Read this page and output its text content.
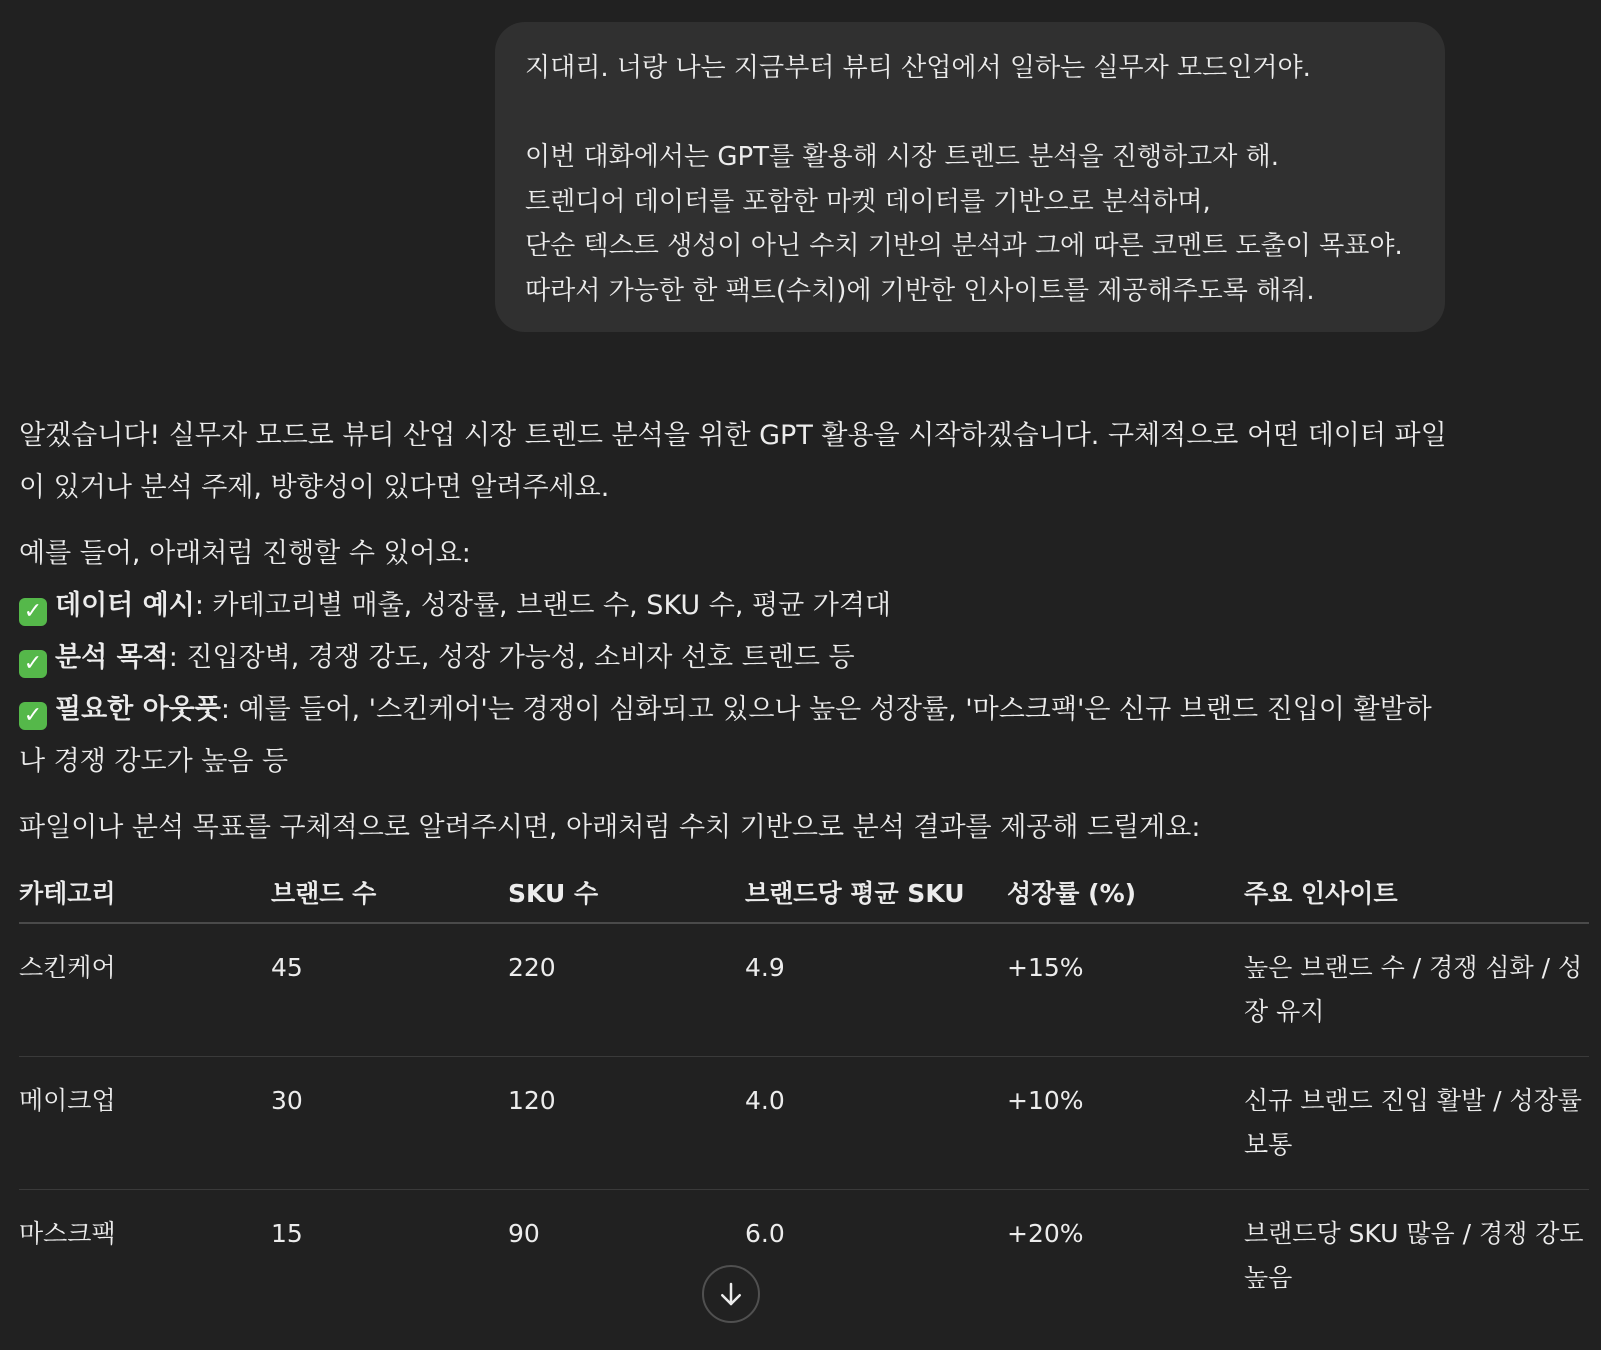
지대리. 너랑 나는 지금부터 뷰티 산업에서 일하는 실무자 모드인거야.

이번 대화에서는 GPT를 활용해 시장 트렌드 분석을 진행하고자 해.
트렌디어 데이터를 포함한 마켓 데이터를 기반으로 분석하며,
단순 텍스트 생성이 아닌 수치 기반의 분석과 그에 따른 코멘트 도출이 목표야.
따라서 가능한 한 팩트(수치)에 기반한 인사이트를 제공해주도록 해줘.

알겠습니다! 실무자 모드로 뷰티 산업 시장 트렌드 분석을 위한 GPT 활용을 시작하겠습니다. 구체적으로 어떤 데이터 파일이 있거나 분석 주제, 방향성이 있다면 알려주세요.

예를 들어, 아래처럼 진행할 수 있어요:

✓ 데이터 예시: 카테고리별 매출, 성장률, 브랜드 수, SKU 수, 평균 가격대

✓ 분석 목적: 진입장벽, 경쟁 강도, 성장 가능성, 소비자 선호 트렌드 등

✓ 필요한 아웃풋: 예를 들어, '스킨케어'는 경쟁이 심화되고 있으나 높은 성장률, '마스크팩'은 신규 브랜드 진입이 활발하나 경쟁 강도가 높음 등

파일이나 분석 목표를 구체적으로 알려주시면, 아래처럼 수치 기반으로 분석 결과를 제공해 드릴게요:

카테고리	브랜드 수	SKU 수	브랜드당 평균 SKU	성장률 (%)	주요 인사이트
스킨케어	45	220	4.9	+15%	높은 브랜드 수 / 경쟁 심화 / 성장 유지
메이크업	30	120	4.0	+10%	신규 브랜드 진입 활발 / 성장률 보통
마스크팩	15	90	6.0	+20%	브랜드당 SKU 많음 / 경쟁 강도 높음
